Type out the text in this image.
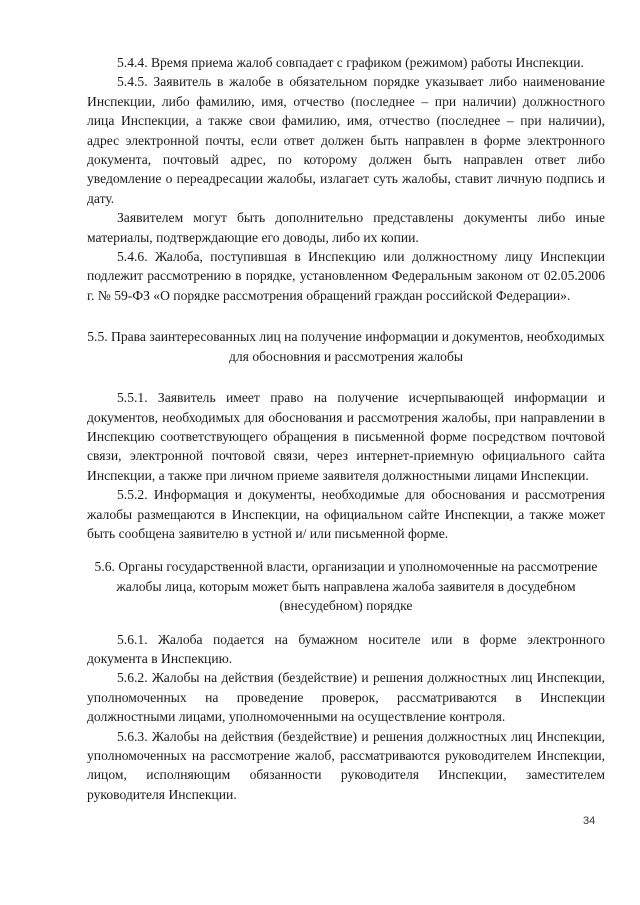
5.4.4. Время приема жалоб совпадает с графиком (режимом) работы Инспекции.

5.4.5. Заявитель в жалобе в обязательном порядке указывает либо наименование Инспекции, либо фамилию, имя, отчество (последнее – при наличии) должностного лица Инспекции, а также свои фамилию, имя, отчество (последнее – при наличии), адрес электронной почты, если ответ должен быть направлен в форме электронного документа, почтовый адрес, по которому должен быть направлен ответ либо уведомление о переадресации жалобы, излагает суть жалобы, ставит личную подпись и дату.

Заявителем могут быть дополнительно представлены документы либо иные материалы, подтверждающие его доводы, либо их копии.

5.4.6. Жалоба, поступившая в Инспекцию или должностному лицу Инспекции подлежит рассмотрению в порядке, установленном Федеральным законом от 02.05.2006 г. № 59-ФЗ «О порядке рассмотрения обращений граждан российской Федерации».

5.5. Права заинтересованных лиц на получение информации и документов, необходимых для обосновния и рассмотрения жалобы

5.5.1. Заявитель имеет право на получение исчерпывающей информации и документов, необходимых для обоснования и рассмотрения жалобы, при направлении в Инспекцию соответствующего обращения в письменной форме посредством почтовой связи, электронной почтовой связи, через интернет-приемную официального сайта Инспекции, а также при личном приеме заявителя должностными лицами Инспекции.

5.5.2. Информация и документы, необходимые для обоснования и рассмотрения жалобы размещаются в Инспекции, на официальном сайте Инспекции, а также может быть сообщена заявителю в устной и/ или письменной форме.

5.6. Органы государственной власти, организации и уполномоченные на рассмотрение жалобы лица, которым может быть направлена жалоба заявителя в досудебном (внесудебном) порядке

5.6.1. Жалоба подается на бумажном носителе или в форме электронного документа в Инспекцию.

5.6.2. Жалобы на действия (бездействие) и решения должностных лиц Инспекции, уполномоченных на проведение проверок, рассматриваются в Инспекции должностными лицами, уполномоченными на осуществление контроля.

5.6.3. Жалобы на действия (бездействие) и решения должностных лиц Инспекции, уполномоченных на рассмотрение жалоб, рассматриваются руководителем Инспекции, лицом, исполняющим обязанности руководителя Инспекции, заместителем руководителя Инспекции.

34
